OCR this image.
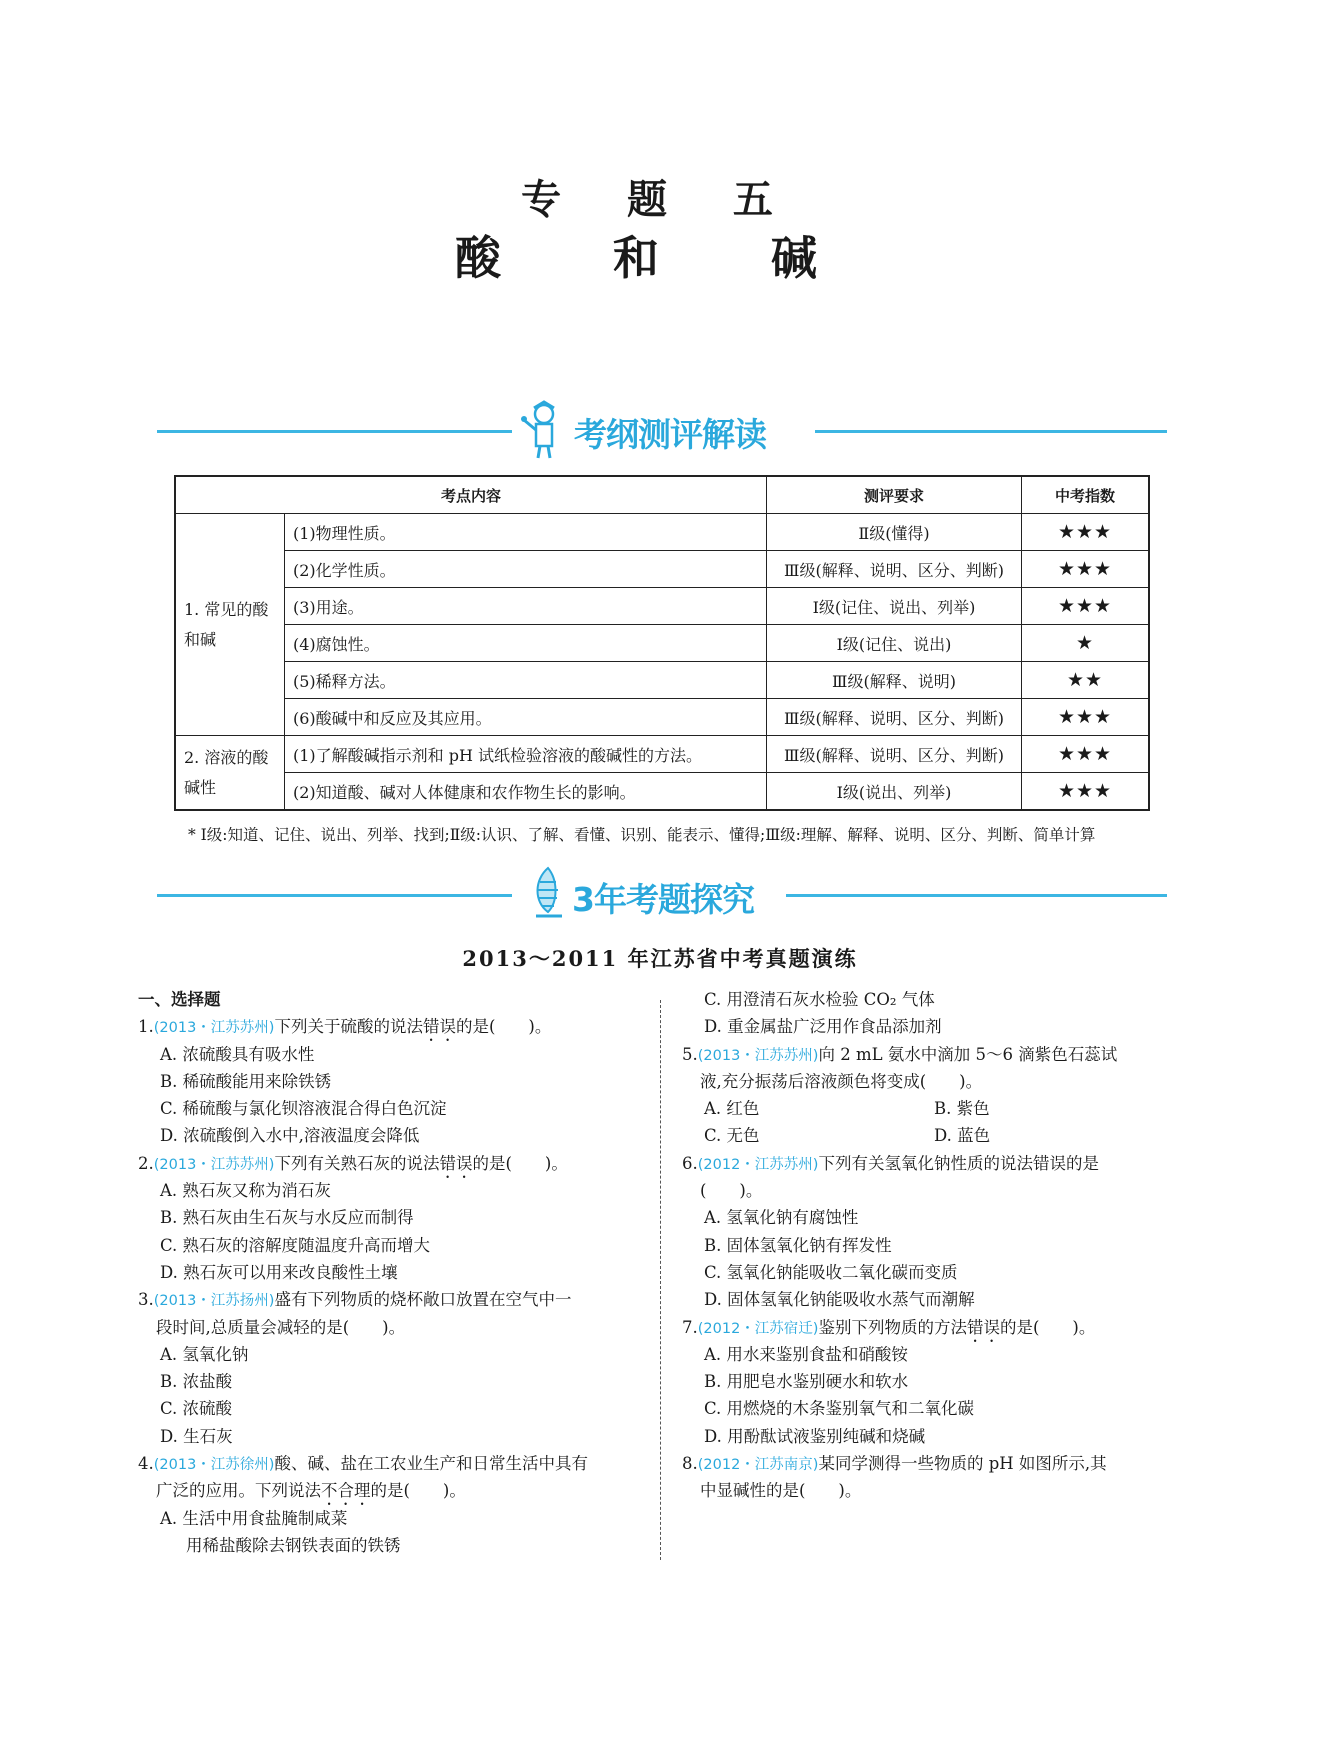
专 题 五
酸 和 碱
考纲测评解读
考点内容		测评要求	中考指数
1. 常见的酸和碱	(1)物理性质。	Ⅱ级(懂得)	★★★
	(2)化学性质。	Ⅲ级(解释、说明、区分、判断)	★★★
	(3)用途。	Ⅰ级(记住、说出、列举)	★★★
	(4)腐蚀性。	Ⅰ级(记住、说出)	★
	(5)稀释方法。	Ⅲ级(解释、说明)	★★
	(6)酸碱中和反应及其应用。	Ⅲ级(解释、说明、区分、判断)	★★★
2. 溶液的酸碱性	(1)了解酸碱指示剂和 pH 试纸检验溶液的酸碱性的方法。	Ⅲ级(解释、说明、区分、判断)	★★★
	(2)知道酸、碱对人体健康和农作物生长的影响。	Ⅰ级(说出、列举)	★★★
* Ⅰ级:知道、记住、说出、列举、找到;Ⅱ级:认识、了解、看懂、识别、能表示、懂得;Ⅲ级:理解、解释、说明、区分、判断、简单计算
3年考题探究
2013～2011 年江苏省中考真题演练
一、选择题
1.(2013・江苏苏州)下列关于硫酸的说法错误的是(　　)。
A. 浓硫酸具有吸水性
B. 稀硫酸能用来除铁锈
C. 稀硫酸与氯化钡溶液混合得白色沉淀
D. 浓硫酸倒入水中,溶液温度会降低
2.(2013・江苏苏州)下列有关熟石灰的说法错误的是(　　)。
A. 熟石灰又称为消石灰
B. 熟石灰由生石灰与水反应而制得
C. 熟石灰的溶解度随温度升高而增大
D. 熟石灰可以用来改良酸性土壤
3.(2013・江苏扬州)盛有下列物质的烧杯敞口放置在空气中一
段时间,总质量会减轻的是(　　)。
A. 氢氧化钠
B. 浓盐酸
C. 浓硫酸
D. 生石灰
4.(2013・江苏徐州)酸、碱、盐在工农业生产和日常生活中具有
广泛的应用。下列说法不合理的是(　　)。
A. 生活中用食盐腌制咸菜
用稀盐酸除去钢铁表面的铁锈
C. 用澄清石灰水检验 CO₂ 气体
D. 重金属盐广泛用作食品添加剂
5.(2013・江苏苏州)向 2 mL 氨水中滴加 5～6 滴紫色石蕊试
液,充分振荡后溶液颜色将变成(　　)。
A. 红色	B. 紫色
C. 无色	D. 蓝色
6.(2012・江苏苏州)下列有关氢氧化钠性质的说法错误的是
(　　)。
A. 氢氧化钠有腐蚀性
B. 固体氢氧化钠有挥发性
C. 氢氧化钠能吸收二氧化碳而变质
D. 固体氢氧化钠能吸收水蒸气而潮解
7.(2012・江苏宿迁)鉴别下列物质的方法错误的是(　　)。
A. 用水来鉴别食盐和硝酸铵
B. 用肥皂水鉴别硬水和软水
C. 用燃烧的木条鉴别氧气和二氧化碳
D. 用酚酞试液鉴别纯碱和烧碱
8.(2012・江苏南京)某同学测得一些物质的 pH 如图所示,其
中显碱性的是(　　)。
